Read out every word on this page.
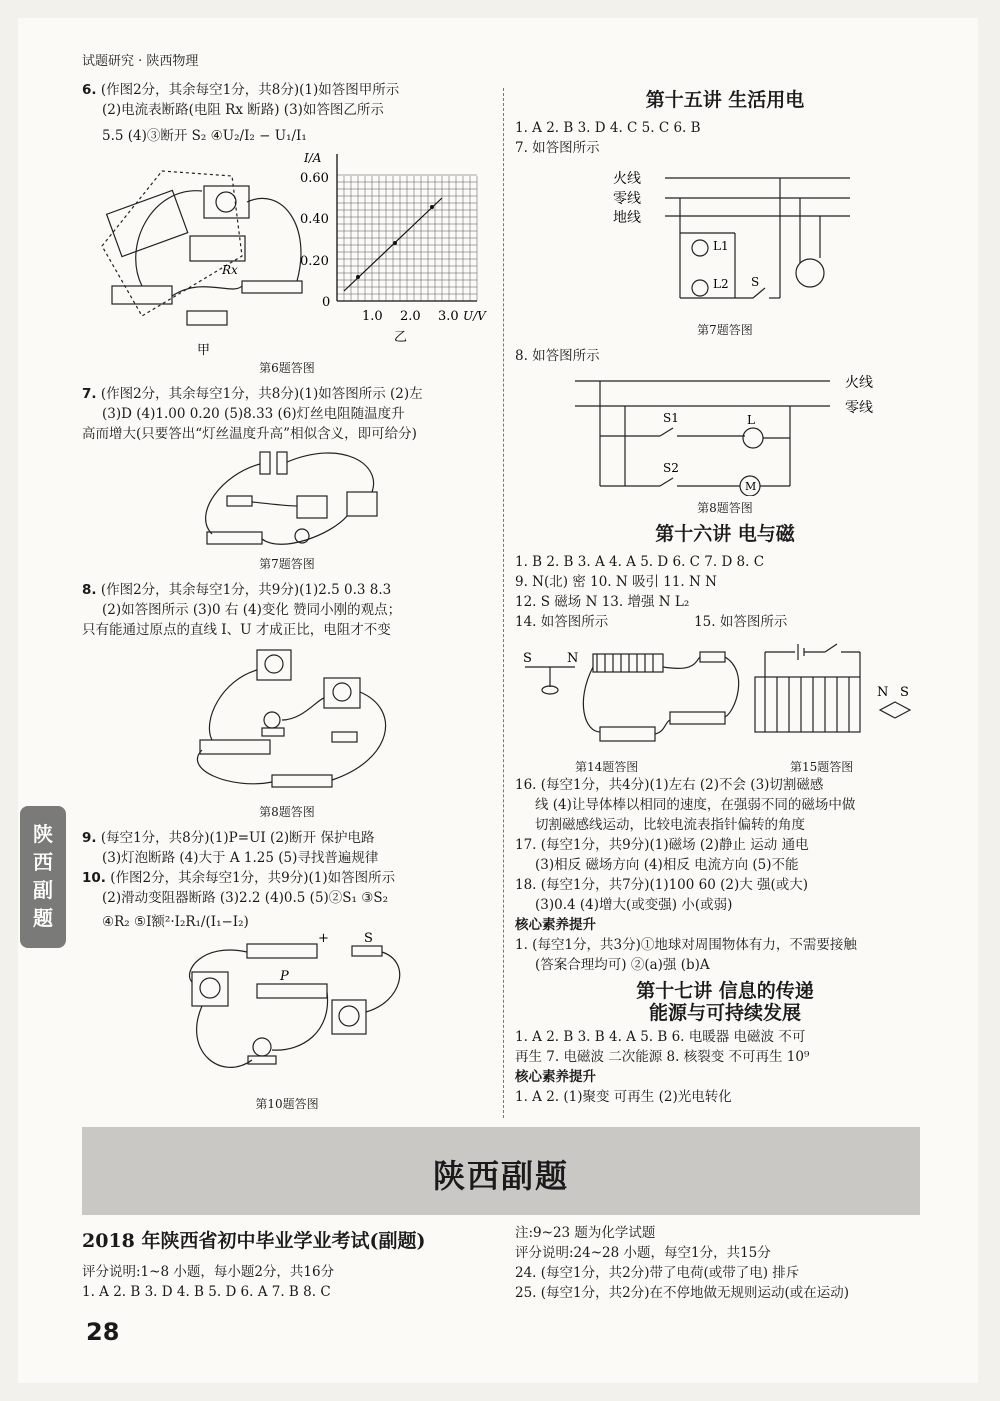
试题研究 · 陕西物理
6. (作图2分，其余每空1分，共8分)(1)如答图甲所示
(2)电流表断路(电阻 Rx 断路) (3)如答图乙所示
5.5 (4)③断开 S₂ ④U₂/I₂ − U₁/I₁
甲
Rx
I/A
0.60
0.40
0.20
0
1.0 2.0 3.0 U/V
乙
第6题答图
7. (作图2分，其余每空1分，共8分)(1)如答图所示 (2)左
(3)D (4)1.00 0.20 (5)8.33 (6)灯丝电阻随温度升
高而增大(只要答出“灯丝温度升高”相似含义，即可给分)
第7题答图
8. (作图2分，其余每空1分，共9分)(1)2.5 0.3 8.3
(2)如答图所示 (3)0 右 (4)变化 赞同小刚的观点；
只有能通过原点的直线 I、U 才成正比，电阻才不变
第8题答图
9. (每空1分，共8分)(1)P=UI (2)断开 保护电路
(3)灯泡断路 (4)大于 A 1.25 (5)寻找普遍规律
10. (作图2分，其余每空1分，共9分)(1)如答图所示
(2)滑动变阻器断路 (3)2.2 (4)0.5 (5)②S₁ ③S₂
④R₂ ⑤I额²·I₂R₁/(I₁−I₂)
+
P
S
第10题答图
第十五讲 生活用电
1. A 2. B 3. D 4. C 5. C 6. B
7. 如答图所示
火线
零线
地线
L1
L2 S
第7题答图
8. 如答图所示
火线
零线
S1
S2
L
M
第8题答图
第十六讲 电与磁
1. B 2. B 3. A 4. A 5. D 6. C 7. D 8. C
9. N(北) 密 10. N 吸引 11. N N
12. S 磁场 N 13. 增强 N L₂
14. 如答图所示                    15. 如答图所示
S	N
N S
第14题答图	第15题答图
16. (每空1分，共4分)(1)左右 (2)不会 (3)切割磁感
线 (4)让导体棒以相同的速度，在强弱不同的磁场中做
切割磁感线运动，比较电流表指针偏转的角度
17. (每空1分，共9分)(1)磁场 (2)静止 运动 通电
(3)相反 磁场方向 (4)相反 电流方向 (5)不能
18. (每空1分，共7分)(1)100 60 (2)大 强(或大)
(3)0.4 (4)增大(或变强) 小(或弱)
核心素养提升
1. (每空1分，共3分)①地球对周围物体有力，不需要接触
(答案合理均可) ②(a)强 (b)A
第十七讲 信息的传递
能源与可持续发展
1. A 2. B 3. B 4. A 5. B 6. 电暖器 电磁波 不可
再生 7. 电磁波 二次能源 8. 核裂变 不可再生 10⁹
核心素养提升
1. A 2. (1)聚变 可再生 (2)光电转化
陕西副题
陕西副题
2018 年陕西省初中毕业学业考试(副题)
评分说明:1~8 小题，每小题2分，共16分
1. A 2. B 3. D 4. B 5. D 6. A 7. B 8. C
注:9~23 题为化学试题
评分说明:24~28 小题，每空1分，共15分
24. (每空1分，共2分)带了电荷(或带了电) 排斥
25. (每空1分，共2分)在不停地做无规则运动(或在运动)
28
